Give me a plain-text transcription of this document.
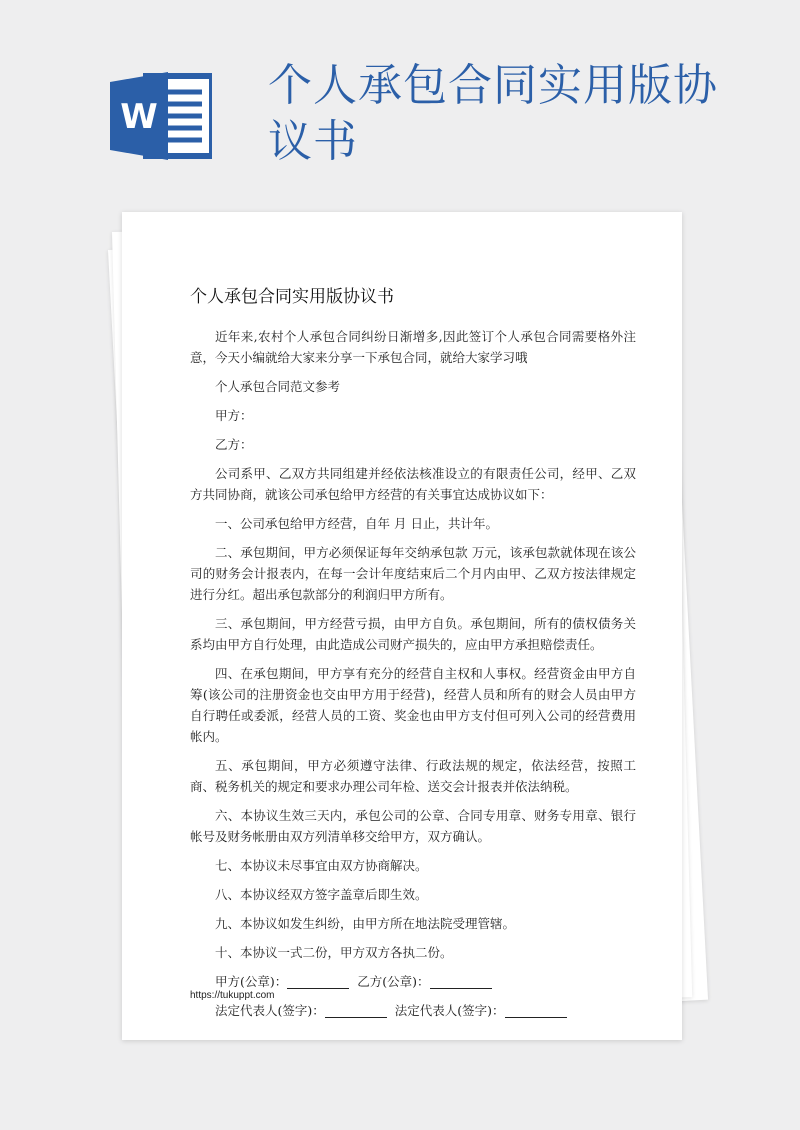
W
个人承包合同实用版协议书
个人承包合同实用版协议书

近年来,农村个人承包合同纠纷日渐增多,因此签订个人承包合同需要格外注意，今天小编就给大家来分享一下承包合同，就给大家学习哦

个人承包合同范文参考

甲方：

乙方：

公司系甲、乙双方共同组建并经依法核准设立的有限责任公司，经甲、乙双方共同协商，就该公司承包给甲方经营的有关事宜达成协议如下：

一、公司承包给甲方经营，自年 月 日止，共计年。

二、承包期间，甲方必须保证每年交纳承包款 万元，该承包款就体现在该公司的财务会计报表内，在每一会计年度结束后二个月内由甲、乙双方按法律规定进行分红。超出承包款部分的利润归甲方所有。

三、承包期间，甲方经营亏损，由甲方自负。承包期间，所有的债权债务关系均由甲方自行处理，由此造成公司财产损失的，应由甲方承担赔偿责任。

四、在承包期间，甲方享有充分的经营自主权和人事权。经营资金由甲方自筹(该公司的注册资金也交由甲方用于经营)，经营人员和所有的财会人员由甲方自行聘任或委派，经营人员的工资、奖金也由甲方支付但可列入公司的经营费用帐内。

五、承包期间，甲方必须遵守法律、行政法规的规定，依法经营，按照工商、税务机关的规定和要求办理公司年检、送交会计报表并依法纳税。

六、本协议生效三天内，承包公司的公章、合同专用章、财务专用章、银行帐号及财务帐册由双方列清单移交给甲方，双方确认。

七、本协议未尽事宜由双方协商解决。

八、本协议经双方签字盖章后即生效。

九、本协议如发生纠纷，由甲方所在地法院受理管辖。

十、本协议一式二份，甲方双方各执二份。

甲方(公章)：	乙方(公章)：
法定代表人(签字)：	法定代表人(签字)：
https://tukuppt.com
